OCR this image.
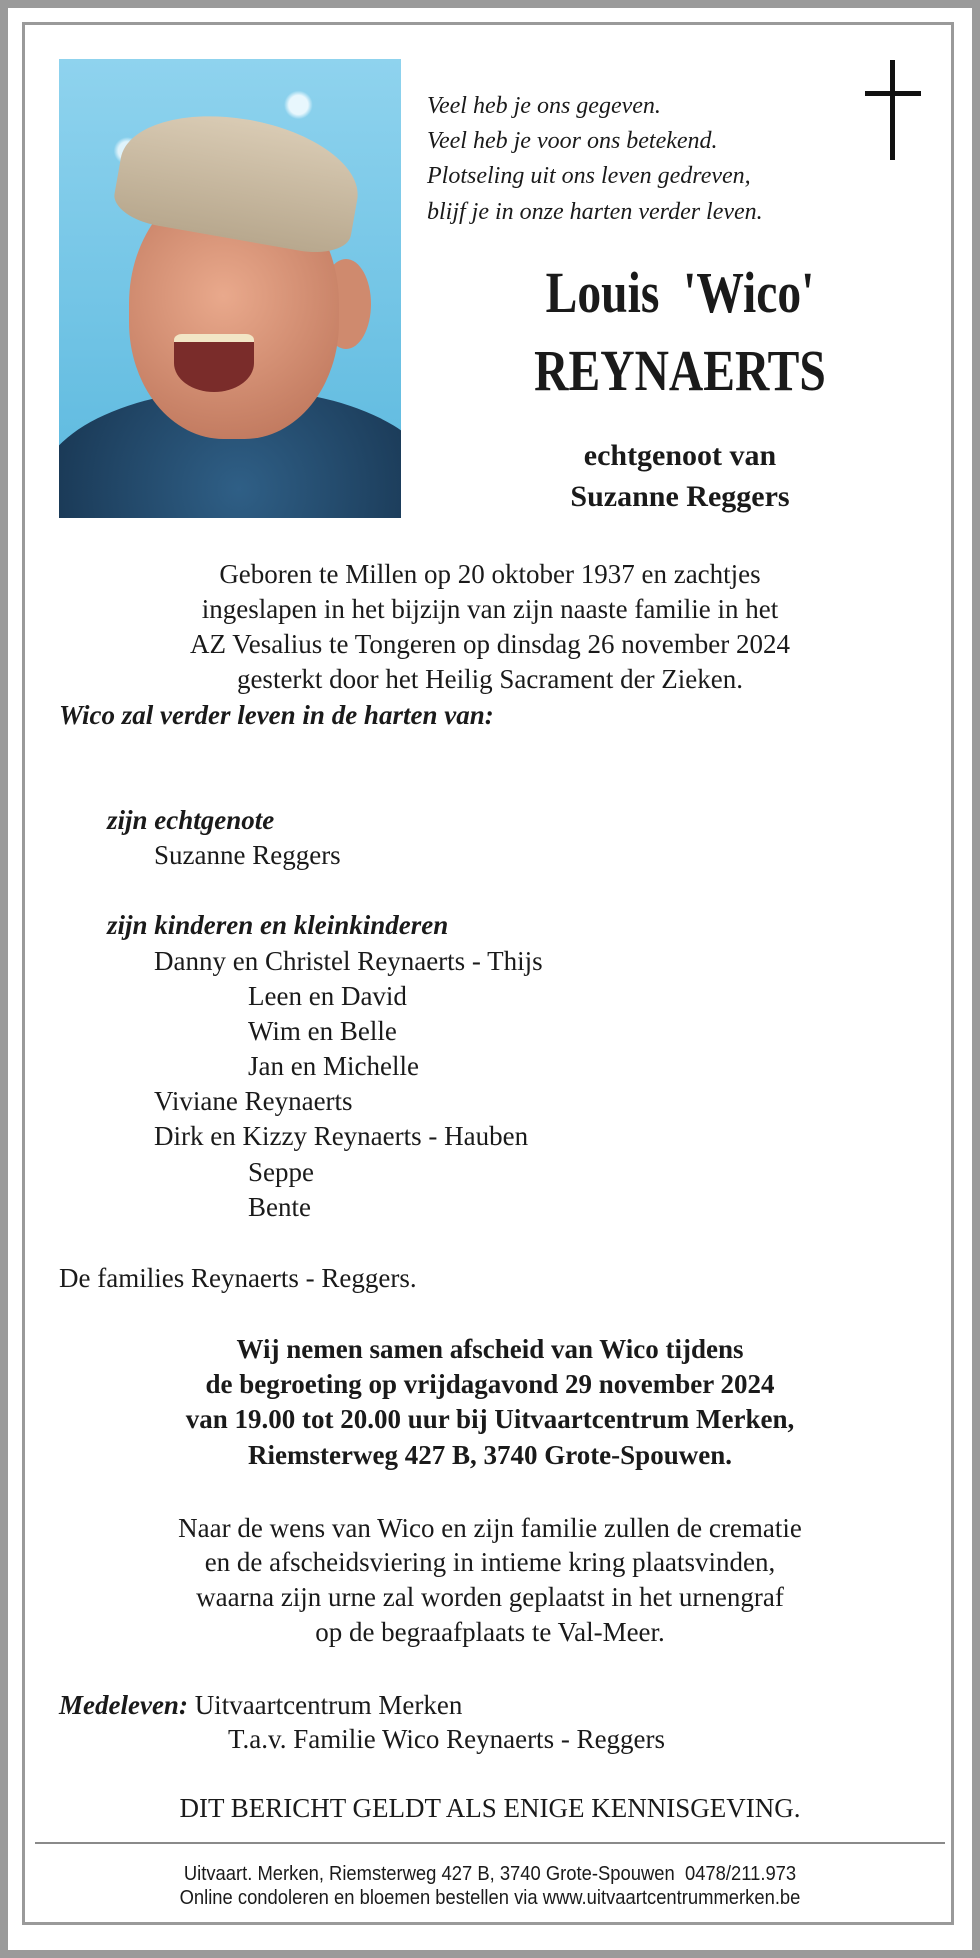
Veel heb je ons gegeven.
Veel heb je voor ons betekend.
Plotseling uit ons leven gedreven,
blijf je in onze harten verder leven.
Louis  'Wico'
REYNAERTS
echtgenoot van
Suzanne Reggers
Geboren te Millen op 20 oktober 1937 en zachtjes
ingeslapen in het bijzijn van zijn naaste familie in het
AZ Vesalius te Tongeren op dinsdag 26 november 2024
gesterkt door het Heilig Sacrament der Zieken.
Wico zal verder leven in de harten van:
zijn echtgenote
Suzanne Reggers
zijn kinderen en kleinkinderen
Danny en Christel Reynaerts - Thijs
Leen en David
Wim en Belle
Jan en Michelle
Viviane Reynaerts
Dirk en Kizzy Reynaerts - Hauben
Seppe
Bente
De families Reynaerts - Reggers.
Wij nemen samen afscheid van Wico tijdens
de begroeting op vrijdagavond 29 november 2024
van 19.00 tot 20.00 uur bij Uitvaartcentrum Merken,
Riemsterweg 427 B, 3740 Grote-Spouwen.
Naar de wens van Wico en zijn familie zullen de crematie
en de afscheidsviering in intieme kring plaatsvinden,
waarna zijn urne zal worden geplaatst in het urnengraf
op de begraafplaats te Val-Meer.
Medeleven: Uitvaartcentrum Merken
T.a.v. Familie Wico Reynaerts - Reggers
DIT BERICHT GELDT ALS ENIGE KENNISGEVING.
Uitvaart. Merken, Riemsterweg 427 B, 3740 Grote-Spouwen  0478/211.973
Online condoleren en bloemen bestellen via www.uitvaartcentrummerken.be
